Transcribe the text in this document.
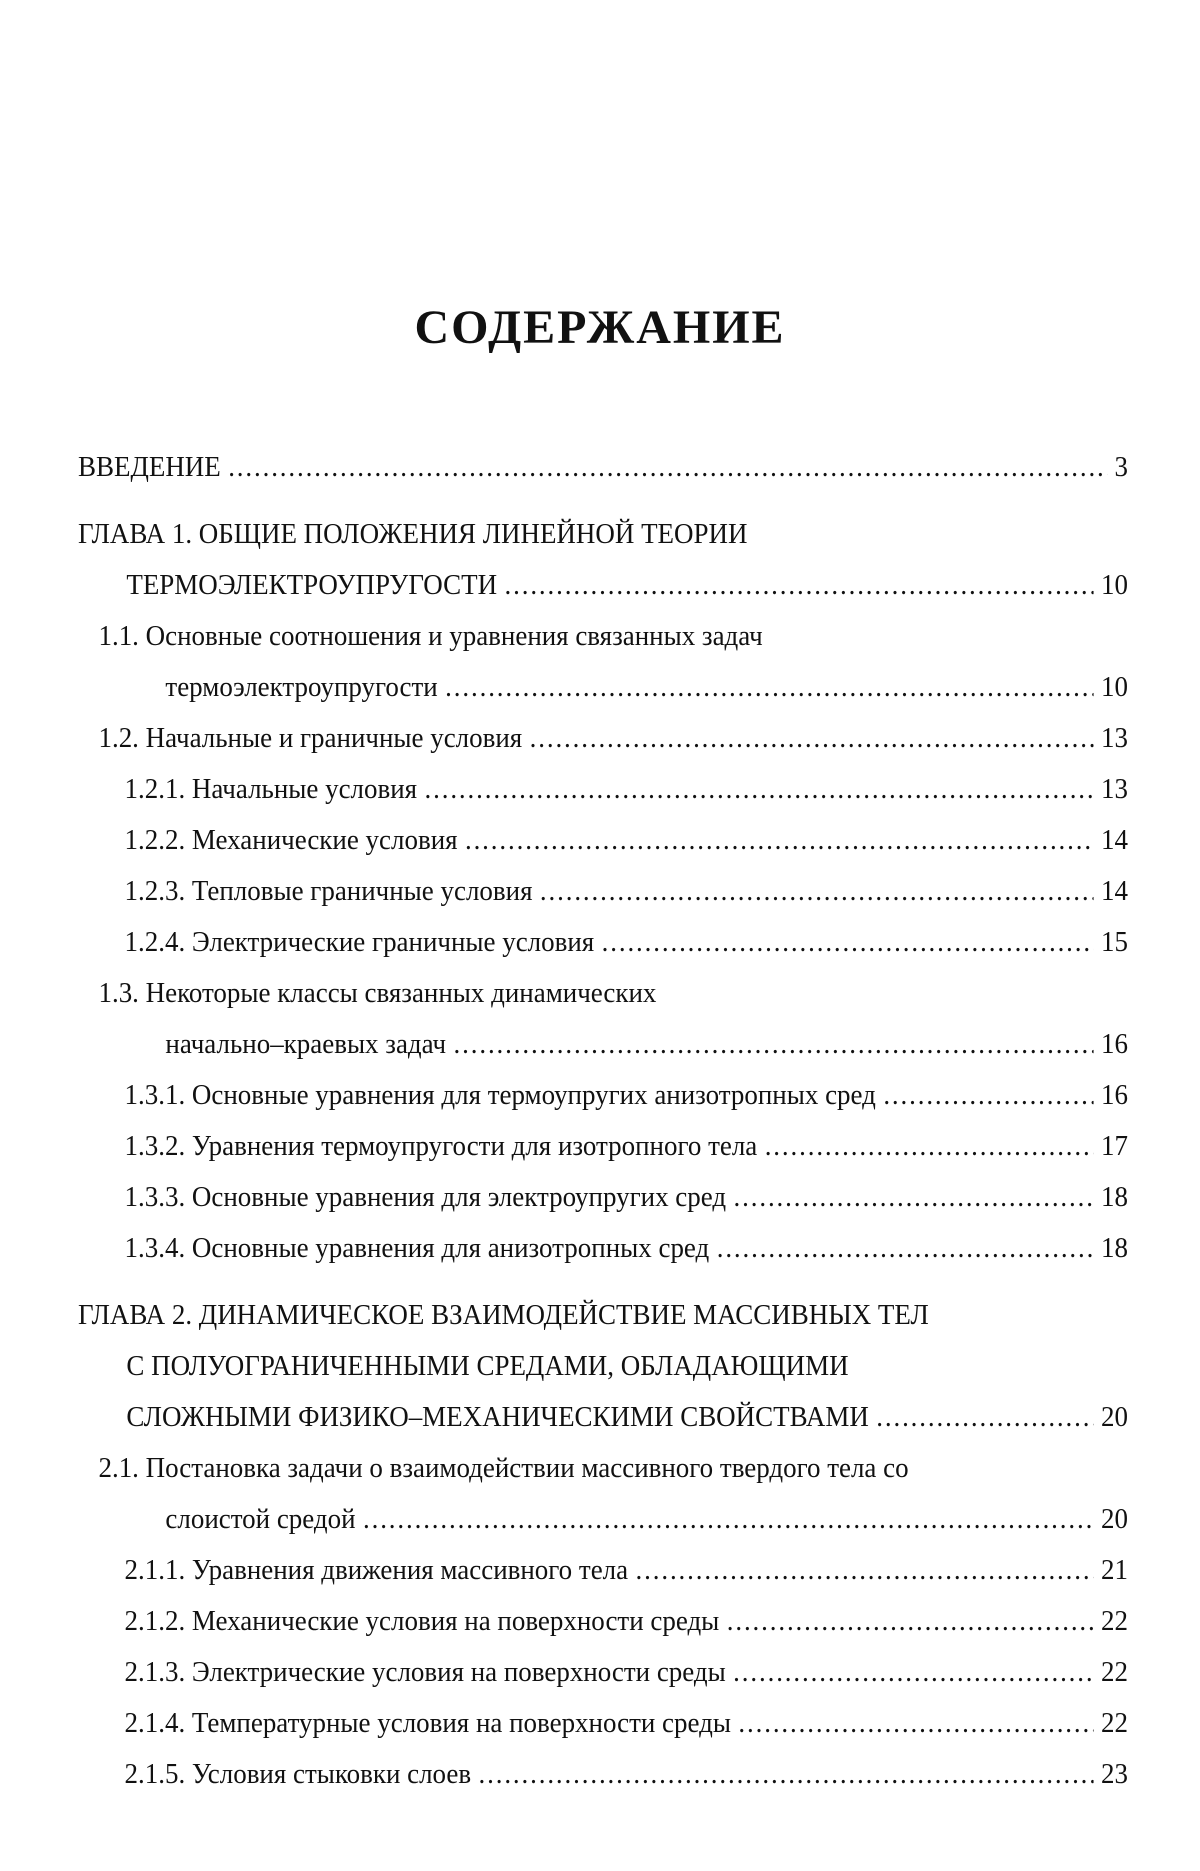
СОДЕРЖАНИЕ
ВВЕДЕНИЕ .....	3
ГЛАВА 1. ОБЩИЕ ПОЛОЖЕНИЯ ЛИНЕЙНОЙ ТЕОРИИ
ТЕРМОЭЛЕКТРОУПРУГОСТИ .....	10
1.1. Основные соотношения и уравнения связанных задач
термоэлектроупругости .....	10
1.2. Начальные и граничные условия .....	13
1.2.1. Начальные условия .....	13
1.2.2. Механические условия .....	14
1.2.3. Тепловые граничные условия .....	14
1.2.4. Электрические граничные условия .....	15
1.3. Некоторые классы связанных динамических
начально–краевых задач .....	16
1.3.1. Основные уравнения для термоупругих анизотропных сред .....	16
1.3.2. Уравнения термоупругости для изотропного тела .....	17
1.3.3. Основные уравнения для электроупругих сред .....	18
1.3.4. Основные уравнения для анизотропных сред .....	18
ГЛАВА 2. ДИНАМИЧЕСКОЕ ВЗАИМОДЕЙСТВИЕ МАССИВНЫХ ТЕЛ
С ПОЛУОГРАНИЧЕННЫМИ СРЕДАМИ, ОБЛАДАЮЩИМИ
СЛОЖНЫМИ ФИЗИКО–МЕХАНИЧЕСКИМИ СВОЙСТВАМИ .....	20
2.1. Постановка задачи о взаимодействии массивного твердого тела со
слоистой средой .....	20
2.1.1. Уравнения движения массивного тела .....	21
2.1.2. Механические условия на поверхности среды .....	22
2.1.3. Электрические условия на поверхности среды .....	22
2.1.4. Температурные условия на поверхности среды .....	22
2.1.5. Условия стыковки слоев .....	23
